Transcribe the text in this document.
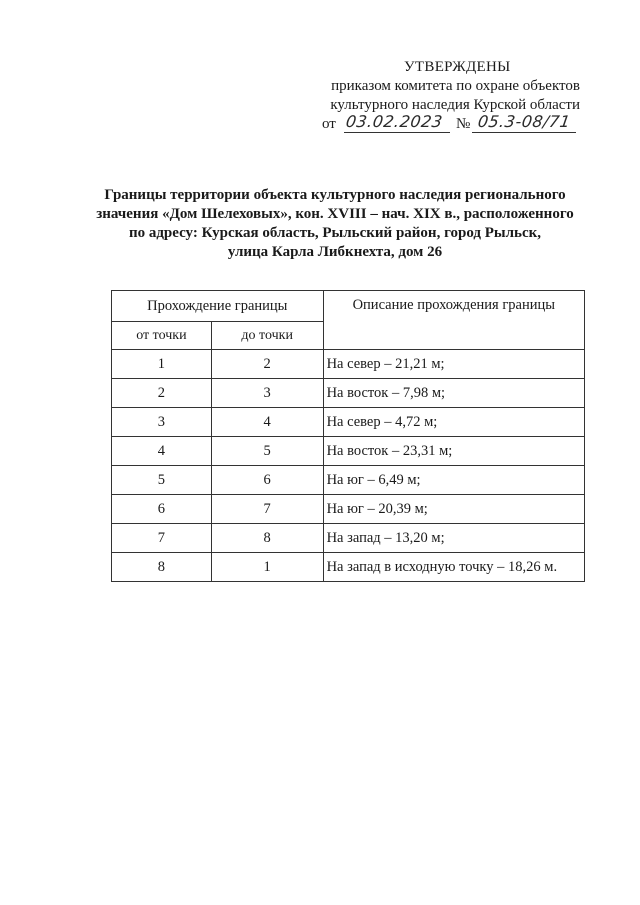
УТВЕРЖДЕНЫ
приказом комитета по охране объектов
культурного наследия Курской области
от 03.02.2023 № 05.3-08/71
Границы территории объекта культурного наследия регионального
значения «Дом Шелеховых», кон. XVIII – нач. XIX в., расположенного
по адресу: Курская область, Рыльский район, город Рыльск,
улица Карла Либкнехта, дом 26
Прохождение границы		Описание прохождения границы
от точки	до точки	
1	2	На север – 21,21 м;
2	3	На восток – 7,98 м;
3	4	На север – 4,72 м;
4	5	На восток – 23,31 м;
5	6	На юг – 6,49 м;
6	7	На юг – 20,39 м;
7	8	На запад – 13,20 м;
8	1	На запад в исходную точку – 18,26 м.
